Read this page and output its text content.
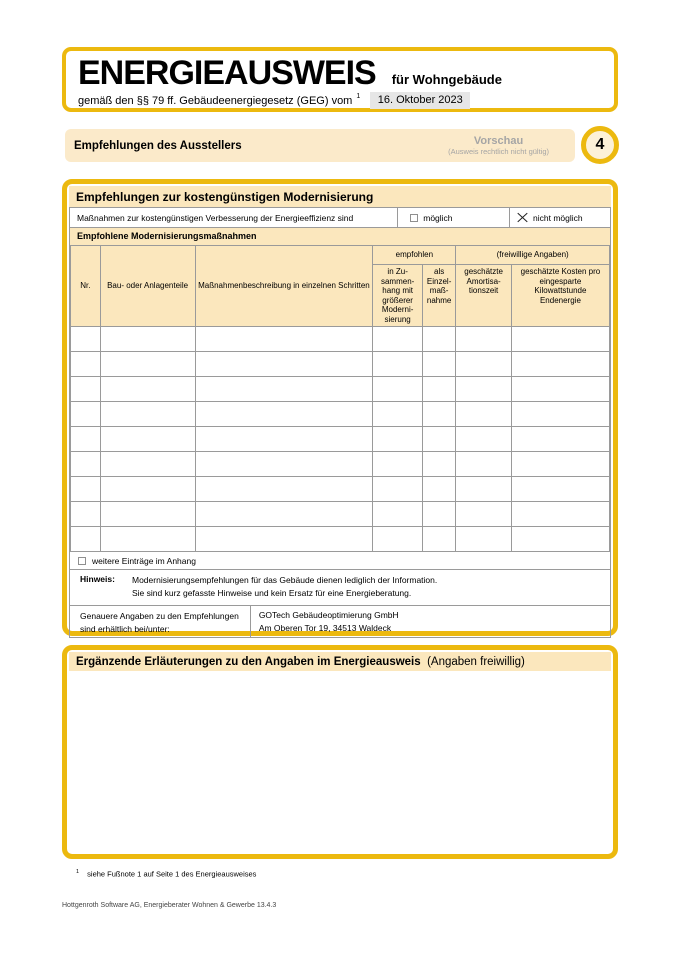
ENERGIEAUSWEIS für Wohngebäude
gemäß den §§ 79 ff. Gebäudeenergiegesetz (GEG) vom 1	16. Oktober 2023
Empfehlungen des Ausstellers	Vorschau
(Ausweis rechtlich nicht gültig)	4
Empfehlungen zur kostengünstigen Modernisierung
Maßnahmen zur kostengünstigen Verbesserung der Energieeffizienz sind	möglich	nicht möglich
Empfohlene Modernisierungsmaßnahmen
Nr.	Bau- oder Anlagenteile	Maßnahmenbeschreibung in einzelnen Schritten	empfohlen		(freiwillige Angaben)	
			in Zu-sammen-hang mit größerer Moderni-sierung	als Einzel-maß-nahme	geschätzte Amortisa-tionszeit	geschätzte Kosten pro eingesparte Kilowattstunde Endenergie

weitere Einträge im Anhang
Hinweis:	Modernisierungsempfehlungen für das Gebäude dienen lediglich der Information.
Sie sind kurz gefasste Hinweise und kein Ersatz für eine Energieberatung.
Genauere Angaben zu den Empfehlungen
sind erhältlich bei/unter:
GOTech Gebäudeoptimierung GmbH
Am Oberen Tor 19, 34513 Waldeck
Ergänzende Erläuterungen zu den Angaben im Energieausweis (Angaben freiwillig)
$^1$ siehe Fußnote 1 auf Seite 1 des Energieausweises
Hottgenroth Software AG, Energieberater Wohnen & Gewerbe 13.4.3
